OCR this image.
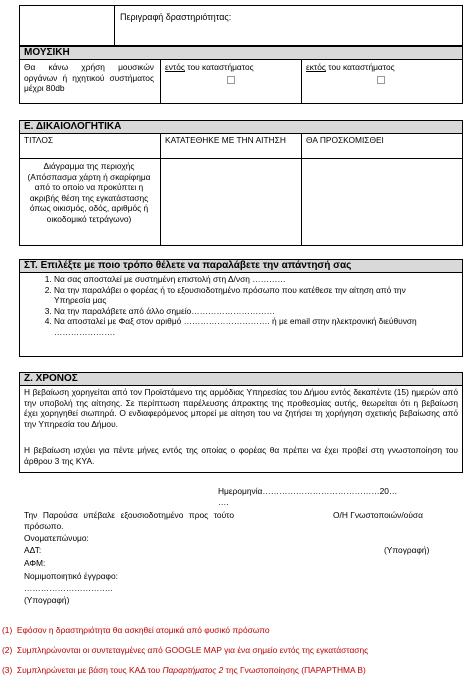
Περιγραφή δραστηριότητας:
ΜΟΥΣΙΚΗ
Θα κάνω χρήση μουσικών οργάνων ή ηχητικού συστήματος μέχρι 80db
εντός του καταστήματος	εκτός του καταστήματος
Ε. ΔΙΚΑΙΟΛΟΓΗΤΙΚΑ
ΤΙΤΛΟΣ	ΚΑΤΑΤΕΘΗΚΕ ΜΕ ΤΗΝ ΑΙΤΗΣΗ	ΘΑ ΠΡΟΣΚΟΜΙΣΘΕΙ
Διάγραμμα της περιοχής (Απόσπασμα χάρτη ή σκαρίφημα από το οποίο να προκύπτει η ακριβής θέση της εγκατάστασης όπως οικισμός, οδός, αριθμός ή οικοδομικό τετράγωνο)
ΣΤ. Επιλέξτε με ποιο τρόπο θέλετε να παραλάβετε την απάντησή σας
1. Να σας αποσταλεί με συστημένη επιστολή στη Δ/νση …………
2. Να την παραλάβει ο φορέας ή το εξουσιοδοτημένο πρόσωπο που κατέθεσε την αίτηση από την Υπηρεσία μας
3. Να την παραλάβετε από άλλο σημείο…………………………
4. Να αποσταλεί με Φαξ στον αριθμό …………………………. ή με email στην ηλεκτρονική διεύθυνση ………………….
Ζ. ΧΡΟΝΟΣ
Η βεβαίωση χορηγείται από τον Προϊστάμενο της αρμόδιας Υπηρεσίας του Δήμου εντός δεκαπέντε (15) ημερών από την υποβολή της αίτησης. Σε περίπτωση παρέλευσης άπρακτης της προθεσμίας αυτής, θεωρείται ότι η βεβαίωση έχει χορηγηθεί σιωπηρά. Ο ενδιαφερόμενος μπορεί με αίτηση του να ζητήσει τη χορήγηση σχετικής βεβαίωσης από την Υπηρεσία του Δήμου.
Η βεβαίωση ισχύει για πέντε μήνες εντός της οποίας ο φορέας θα πρέπει να έχει προβεί στη γνωστοποίηση του άρθρου 3 της ΚΥΑ.
Ημερομηνία……………………………………20…
….
Την Παρούσα υπέβαλε εξουσιοδοτημένο προς τούτο πρόσωπο.
Ο/Η Γνωστοποιών/ούσα
Ονοματεπώνυμο:
ΑΔΤ:	(Υπογραφή)
ΑΦΜ:
Νομιμοποιητικό έγγραφο:
…………………………..
(Υπογραφή)
(1) Εφόσον η δραστηριότητα θα ασκηθεί ατομικά από φυσικό πρόσωπο
(2) Συμπληρώνονται οι συντεταγμένες από GOOGLE MAP για ένα σημείο εντός της εγκατάστασης
(3) Συμπληρώνεται με βάση τους ΚΑΔ του Παραρτήματος 2 της Γνωστοποίησης (ΠΑΡΑΡΤΗΜΑ Β)
